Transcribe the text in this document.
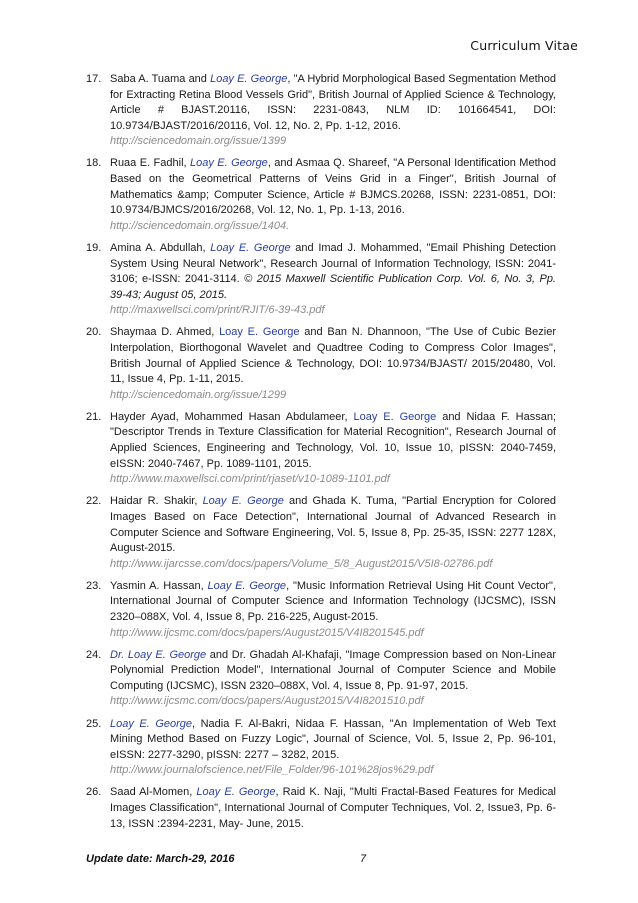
Curriculum Vitae
17. Saba A. Tuama and Loay E. George, "A Hybrid Morphological Based Segmentation Method for Extracting Retina Blood Vessels Grid", British Journal of Applied Science & Technology, Article # BJAST.20116, ISSN: 2231-0843, NLM ID: 101664541, DOI: 10.9734/BJAST/2016/20116, Vol. 12, No. 2, Pp. 1-12, 2016.
http://sciencedomain.org/issue/1399
18. Ruaa E. Fadhil, Loay E. George, and Asmaa Q. Shareef, "A Personal Identification Method Based on the Geometrical Patterns of Veins Grid in a Finger", British Journal of Mathematics &amp; Computer Science, Article # BJMCS.20268, ISSN: 2231-0851, DOI: 10.9734/BJMCS/2016/20268, Vol. 12, No. 1, Pp. 1-13, 2016.
http://sciencedomain.org/issue/1404.
19. Amina A. Abdullah, Loay E. George and Imad J. Mohammed, "Email Phishing Detection System Using Neural Network", Research Journal of Information Technology, ISSN: 2041-3106; e-ISSN: 2041-3114. © 2015 Maxwell Scientific Publication Corp. Vol. 6, No. 3, Pp. 39-43; August 05, 2015.
http://maxwellsci.com/print/RJIT/6-39-43.pdf
20. Shaymaa D. Ahmed, Loay E. George and Ban N. Dhannoon, "The Use of Cubic Bezier Interpolation, Biorthogonal Wavelet and Quadtree Coding to Compress Color Images", British Journal of Applied Science & Technology, DOI: 10.9734/BJAST/ 2015/20480, Vol. 11, Issue 4, Pp. 1-11, 2015.
http://sciencedomain.org/issue/1299
21. Hayder Ayad, Mohammed Hasan Abdulameer, Loay E. George and Nidaa F. Hassan; "Descriptor Trends in Texture Classification for Material Recognition", Research Journal of Applied Sciences, Engineering and Technology, Vol. 10, Issue 10, pISSN: 2040-7459, eISSN: 2040-7467, Pp. 1089-1101, 2015.
http://www.maxwellsci.com/print/rjaset/v10-1089-1101.pdf
22. Haidar R. Shakir, Loay E. George and Ghada K. Tuma, "Partial Encryption for Colored Images Based on Face Detection", International Journal of Advanced Research in Computer Science and Software Engineering, Vol. 5, Issue 8, Pp. 25-35, ISSN: 2277 128X, August-2015.
http://www.ijarcsse.com/docs/papers/Volume_5/8_August2015/V5I8-02786.pdf
23. Yasmin A. Hassan, Loay E. George, "Music Information Retrieval Using Hit Count Vector", International Journal of Computer Science and Information Technology (IJCSMC), ISSN 2320–088X, Vol. 4, Issue 8, Pp. 216-225, August-2015.
http://www.ijcsmc.com/docs/papers/August2015/V4I8201545.pdf
24. Dr. Loay E. George and Dr. Ghadah Al-Khafaji, "Image Compression based on Non-Linear Polynomial Prediction Model", International Journal of Computer Science and Mobile Computing (IJCSMC), ISSN 2320–088X, Vol. 4, Issue 8, Pp. 91-97, 2015.
http://www.ijcsmc.com/docs/papers/August2015/V4I8201510.pdf
25. Loay E. George, Nadia F. Al-Bakri, Nidaa F. Hassan, "An Implementation of Web Text Mining Method Based on Fuzzy Logic", Journal of Science, Vol. 5, Issue 2, Pp. 96-101, eISSN: 2277-3290, pISSN: 2277 – 3282, 2015.
http://www.journalofscience.net/File_Folder/96-101%28jos%29.pdf
26. Saad Al-Momen, Loay E. George, Raid K. Naji, "Multi Fractal-Based Features for Medical Images Classification", International Journal of Computer Techniques, Vol. 2, Issue3, Pp. 6-13, ISSN :2394-2231, May- June, 2015.
Update date: March-29, 2016	7
